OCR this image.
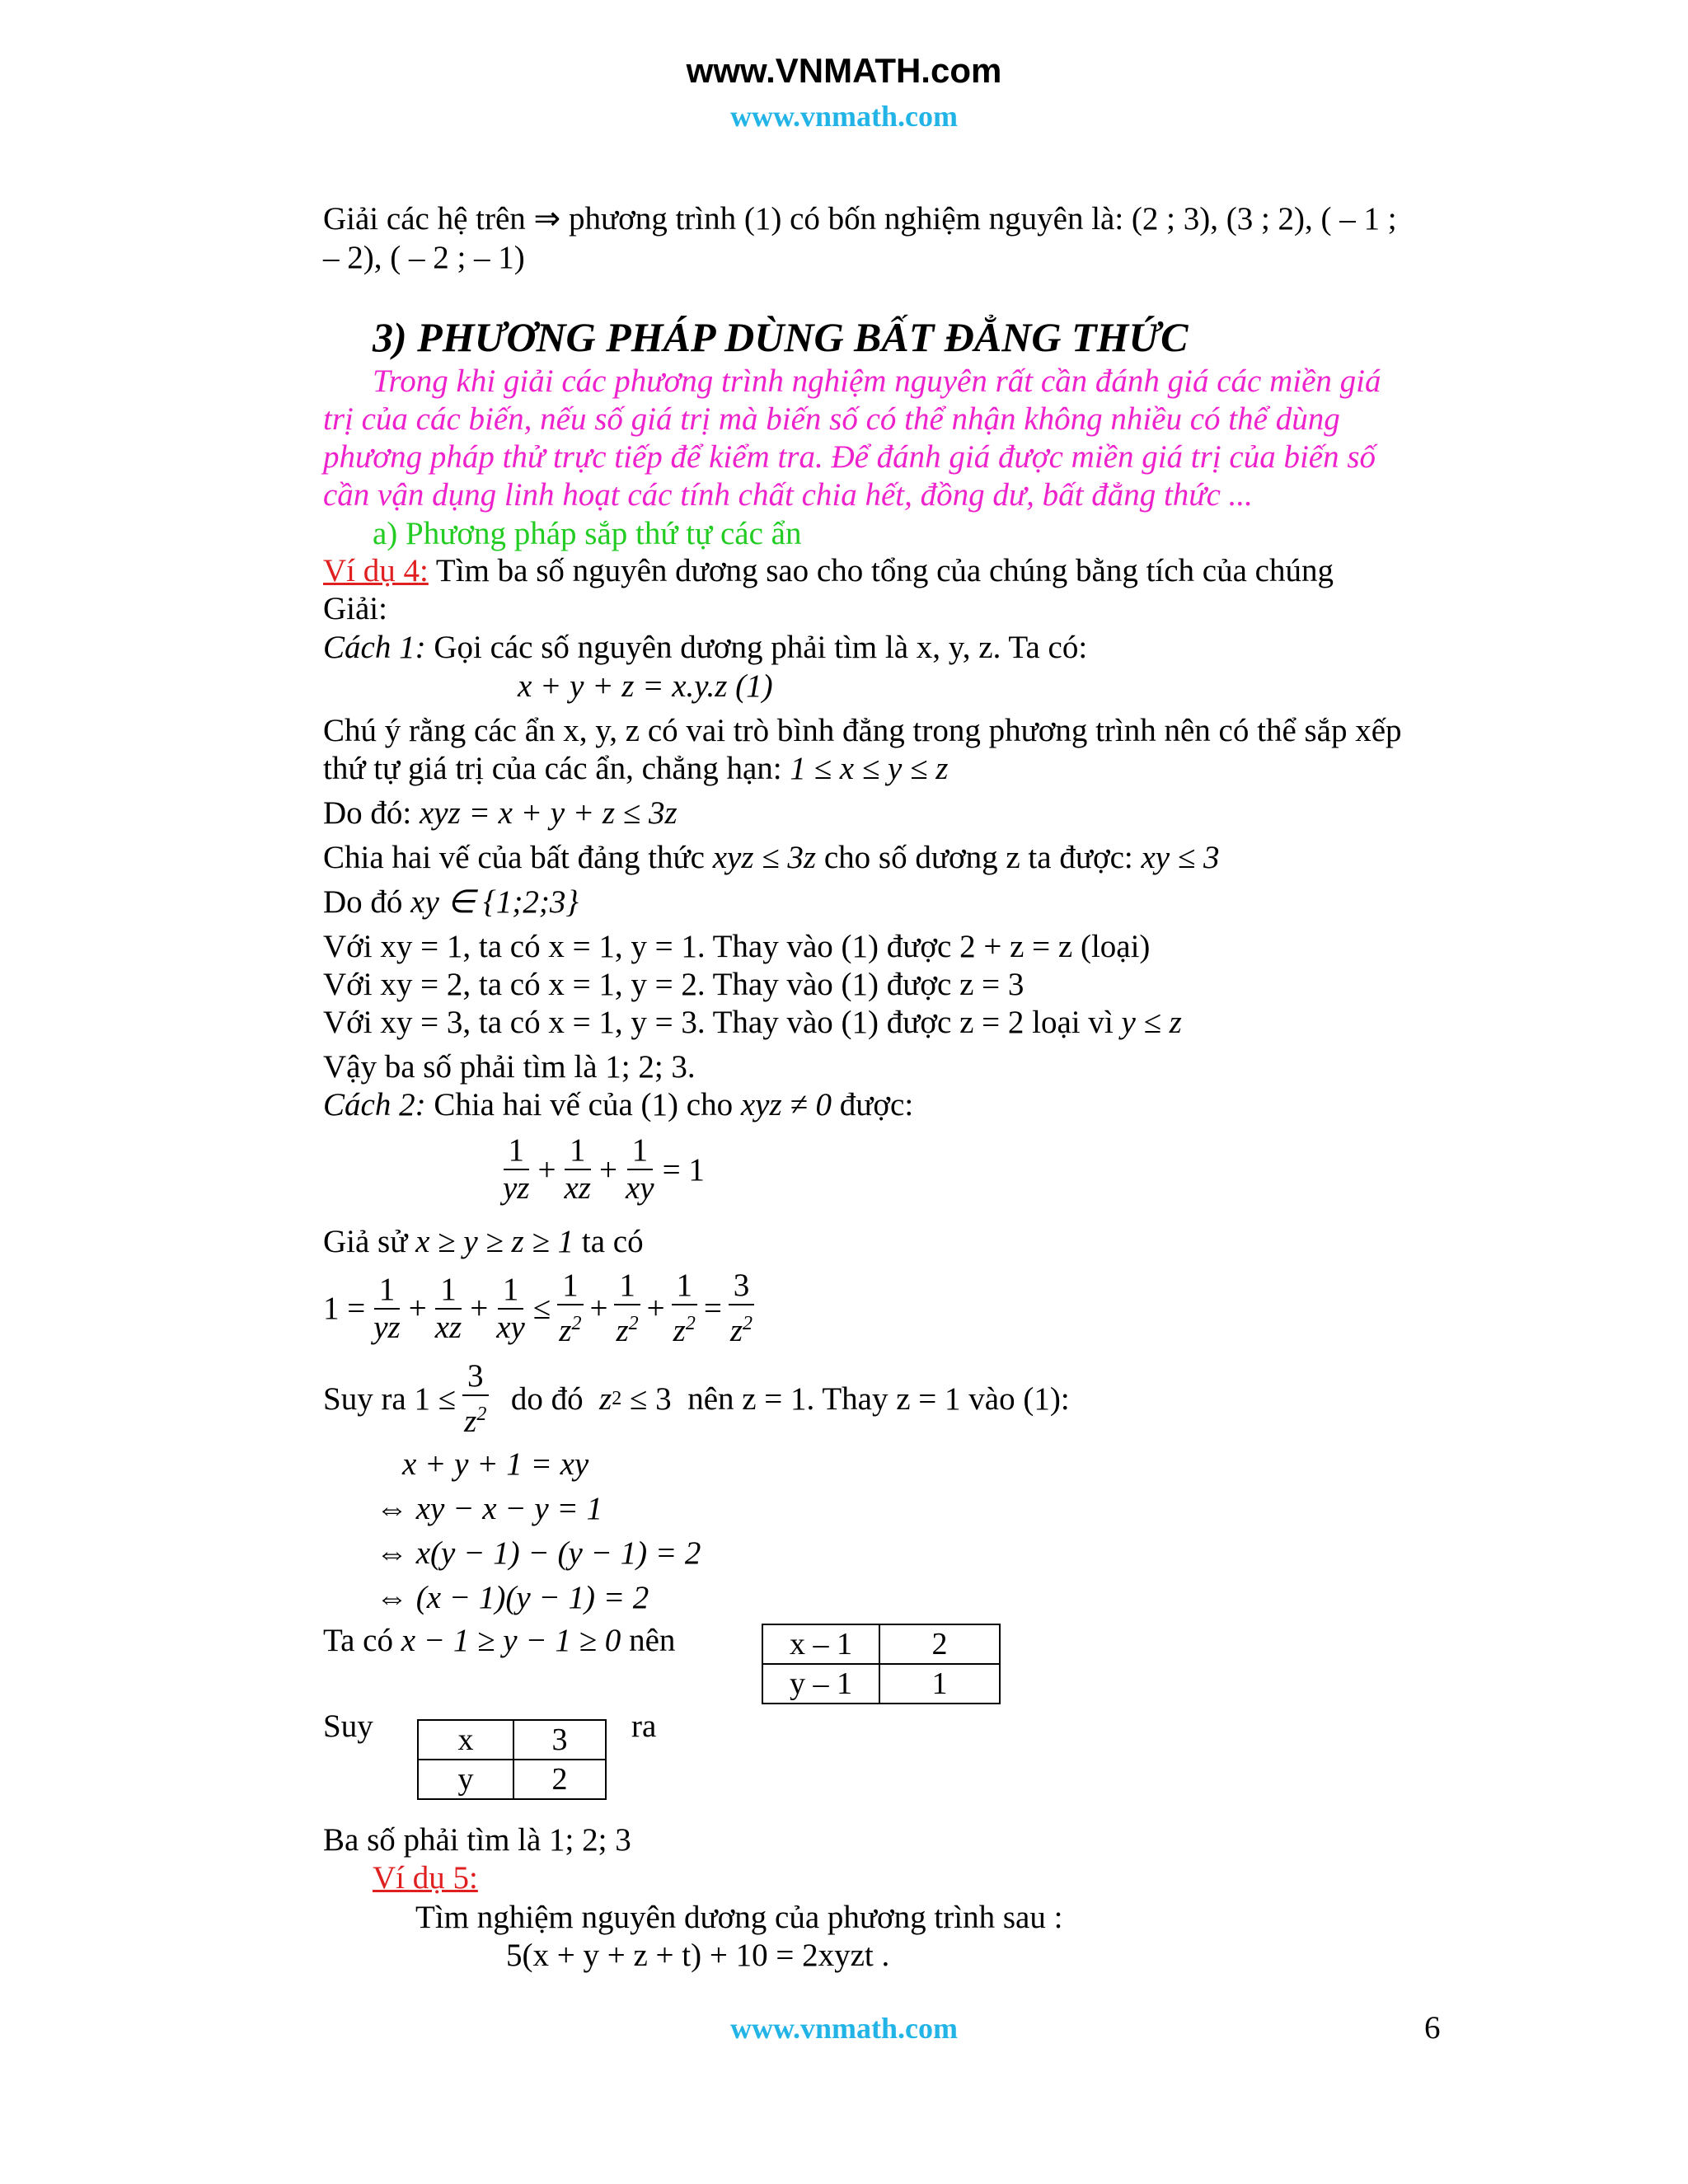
www.VNMATH.com
www.vnmath.com
Giải các hệ trên ⇒ phương trình (1) có bốn nghiệm nguyên là: (2 ; 3), (3 ; 2), ( – 1 ;
– 2), ( – 2 ; – 1)
3) PHƯƠNG PHÁP DÙNG BẤT ĐẲNG THỨC
Trong khi giải các phương trình nghiệm nguyên rất cần đánh giá các miền giá
trị của các biến, nếu số giá trị mà biến số có thể nhận không nhiều có thể dùng
phương pháp thử trực tiếp để kiểm tra. Để đánh giá được miền giá trị của biến số
cần vận dụng linh hoạt các tính chất chia hết, đồng dư, bất đẳng thức ...
a) Phương pháp sắp thứ tự các ẩn
Ví dụ 4: Tìm ba số nguyên dương sao cho tổng của chúng bằng tích của chúng
Giải:
Cách 1: Gọi các số nguyên dương phải tìm là x, y, z. Ta có:
x + y + z = x.y.z (1)
Chú ý rằng các ẩn x, y, z có vai trò bình đẳng trong phương trình nên có thể sắp xếp
thứ tự giá trị của các ẩn, chẳng hạn: 1 ≤ x ≤ y ≤ z
Do đó: xyz = x + y + z ≤ 3z
Chia hai vế của bất đảng thức xyz ≤ 3z cho số dương z ta được: xy ≤ 3
Do đó xy ∈ {1;2;3}
Với xy = 1, ta có x = 1, y = 1. Thay vào (1) được 2 + z = z (loại)
Với xy = 2, ta có x = 1, y = 2. Thay vào (1) được z = 3
Với xy = 3, ta có x = 1, y = 3. Thay vào (1) được z = 2 loại vì y ≤ z
Vậy ba số phải tìm là 1; 2; 3.
Cách 2: Chia hai vế của (1) cho xyz ≠ 0 được:
$\frac{1}{yz} + \frac{1}{xz} + \frac{1}{xy} = 1$
Giả sử x ≥ y ≥ z ≥ 1 ta có
$1 = \frac{1}{yz} + \frac{1}{xz} + \frac{1}{xy} \le \frac{1}{z^2} + \frac{1}{z^2} + \frac{1}{z^2} = \frac{3}{z^2}$
Suy ra $1 \le \frac{3}{z^2}$ do đó z 2 ≤ 3 nên z = 1. Thay z = 1 vào (1):
x + y + 1 = xy
⇔ xy − x − y = 1
⇔ x(y − 1) − (y − 1) = 2
⇔ (x − 1)(y − 1) = 2
Ta có x − 1 ≥ y − 1 ≥ 0 nên	x – 1	2
y – 1	1
Suy	x	3
y	2
ra
Ba số phải tìm là 1; 2; 3
Ví dụ 5:
Tìm nghiệm nguyên dương của phương trình sau :
5(x + y + z + t) + 10 = 2xyzt .
www.vnmath.com	6
